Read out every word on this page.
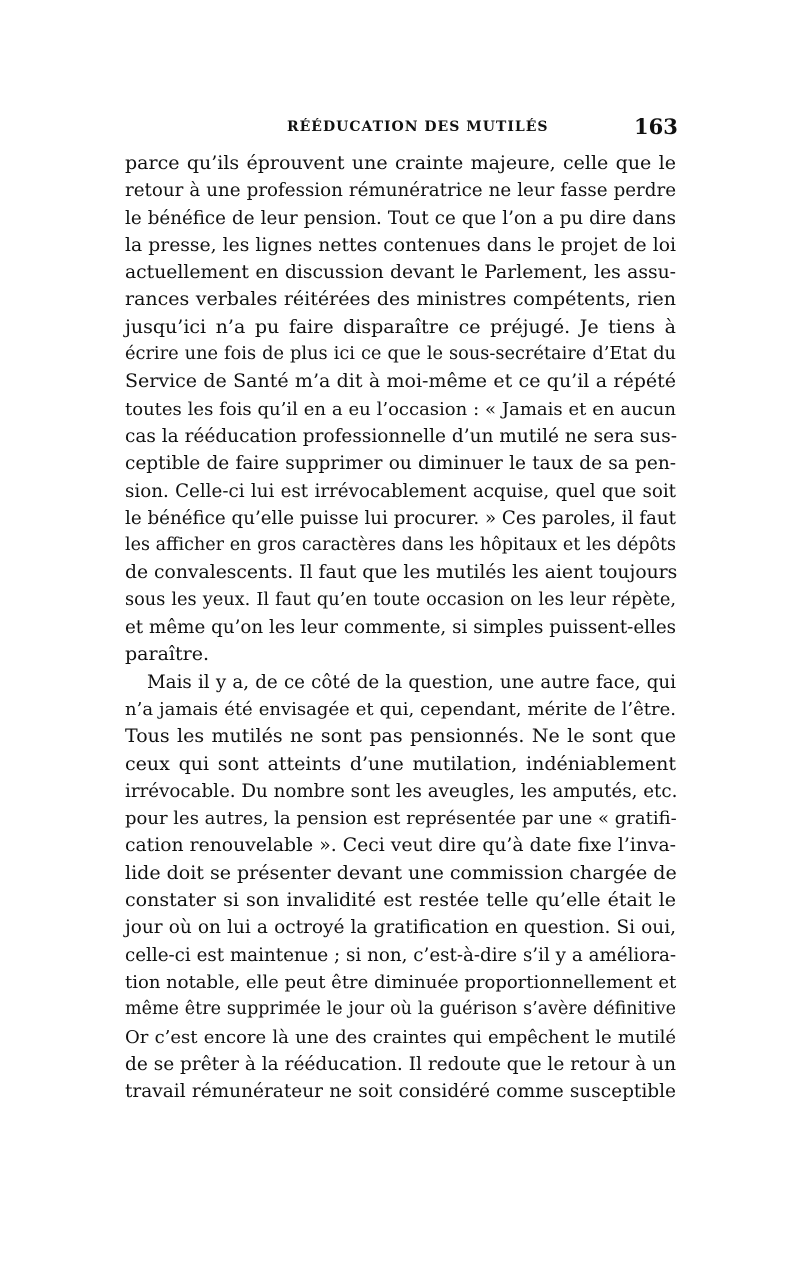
RÉÉDUCATION DES MUTILÉS	163
parce qu’ils éprouvent une crainte majeure, celle que le
retour à une profession rémunératrice ne leur fasse perdre
le bénéfice de leur pension. Tout ce que l’on a pu dire dans
la presse, les lignes nettes contenues dans le projet de loi
actuellement en discussion devant le Parlement, les assu-
rances verbales réitérées des ministres compétents, rien
jusqu’ici n’a pu faire disparaître ce préjugé. Je tiens à
écrire une fois de plus ici ce que le sous-secrétaire d’Etat du
Service de Santé m’a dit à moi-même et ce qu’il a répété
toutes les fois qu’il en a eu l’occasion : « Jamais et en aucun
cas la rééducation professionnelle d’un mutilé ne sera sus-
ceptible de faire supprimer ou diminuer le taux de sa pen-
sion. Celle-ci lui est irrévocablement acquise, quel que soit
le bénéfice qu’elle puisse lui procurer. » Ces paroles, il faut
les afficher en gros caractères dans les hôpitaux et les dépôts
de convalescents. Il faut que les mutilés les aient toujours
sous les yeux. Il faut qu’en toute occasion on les leur répète,
et même qu’on les leur commente, si simples puissent-elles
paraître.
Mais il y a, de ce côté de la question, une autre face, qui
n’a jamais été envisagée et qui, cependant, mérite de l’être.
Tous les mutilés ne sont pas pensionnés. Ne le sont que
ceux qui sont atteints d’une mutilation, indéniablement
irrévocable. Du nombre sont les aveugles, les amputés, etc.
pour les autres, la pension est représentée par une « gratifi-
cation renouvelable ». Ceci veut dire qu’à date fixe l’inva-
lide doit se présenter devant une commission chargée de
constater si son invalidité est restée telle qu’elle était le
jour où on lui a octroyé la gratification en question. Si oui,
celle-ci est maintenue ; si non, c’est-à-dire s’il y a améliora-
tion notable, elle peut être diminuée proportionnellement et
même être supprimée le jour où la guérison s’avère définitive
Or c’est encore là une des craintes qui empêchent le mutilé
de se prêter à la rééducation. Il redoute que le retour à un
travail rémunérateur ne soit considéré comme susceptible
